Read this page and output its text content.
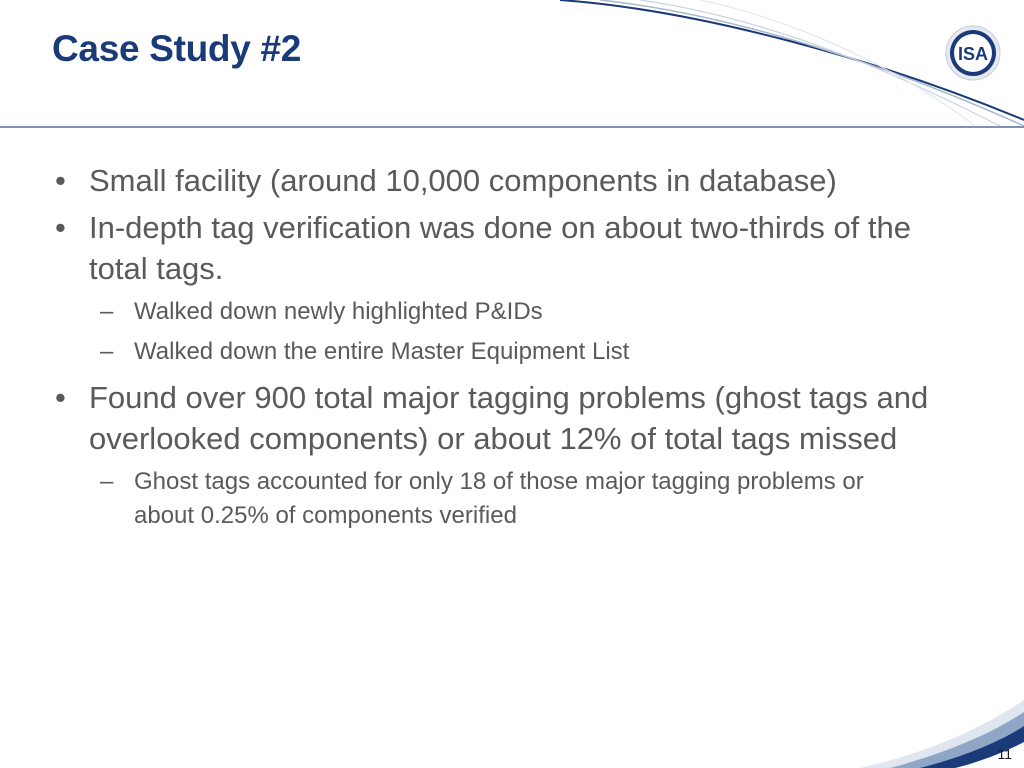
Case Study #2	ISA
• Small facility (around 10,000 components in database)
• In-depth tag verification was done on about two-thirds of the total tags.
– Walked down newly highlighted P&IDs
– Walked down the entire Master Equipment List
• Found over 900 total major tagging problems (ghost tags and overlooked components) or about 12% of total tags missed
– Ghost tags accounted for only 18 of those major tagging problems or about 0.25% of components verified
11
